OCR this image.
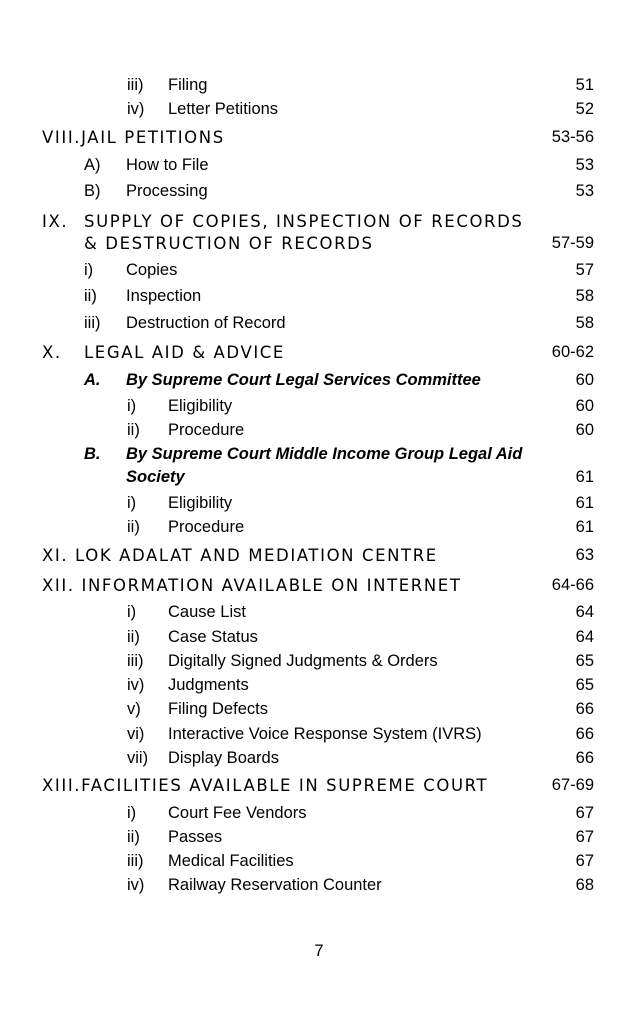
iii) Filing	51
iv) Letter Petitions	52
VIII.JAIL PETITIONS	53-56
A) How to File	53
B) Processing	53
IX. SUPPLY OF COPIES, INSPECTION OF RECORDS
& DESTRUCTION OF RECORDS	57-59
i) Copies	57
ii) Inspection	58
iii) Destruction of Record	58
X. LEGAL AID & ADVICE	60-62
A. By Supreme Court Legal Services Committee	60
i) Eligibility	60
ii) Procedure	60
B. By Supreme Court Middle Income Group Legal Aid
Society	61
i) Eligibility	61
ii) Procedure	61
XI. LOK ADALAT AND MEDIATION CENTRE	63
XII. INFORMATION AVAILABLE ON INTERNET	64-66
i) Cause List	64
ii) Case Status	64
iii) Digitally Signed Judgments & Orders	65
iv) Judgments	65
v) Filing Defects	66
vi) Interactive Voice Response System (IVRS)	66
vii) Display Boards	66
XIII.FACILITIES AVAILABLE IN SUPREME COURT	67-69
i) Court Fee Vendors	67
ii) Passes	67
iii) Medical Facilities	67
iv) Railway Reservation Counter	68
7
